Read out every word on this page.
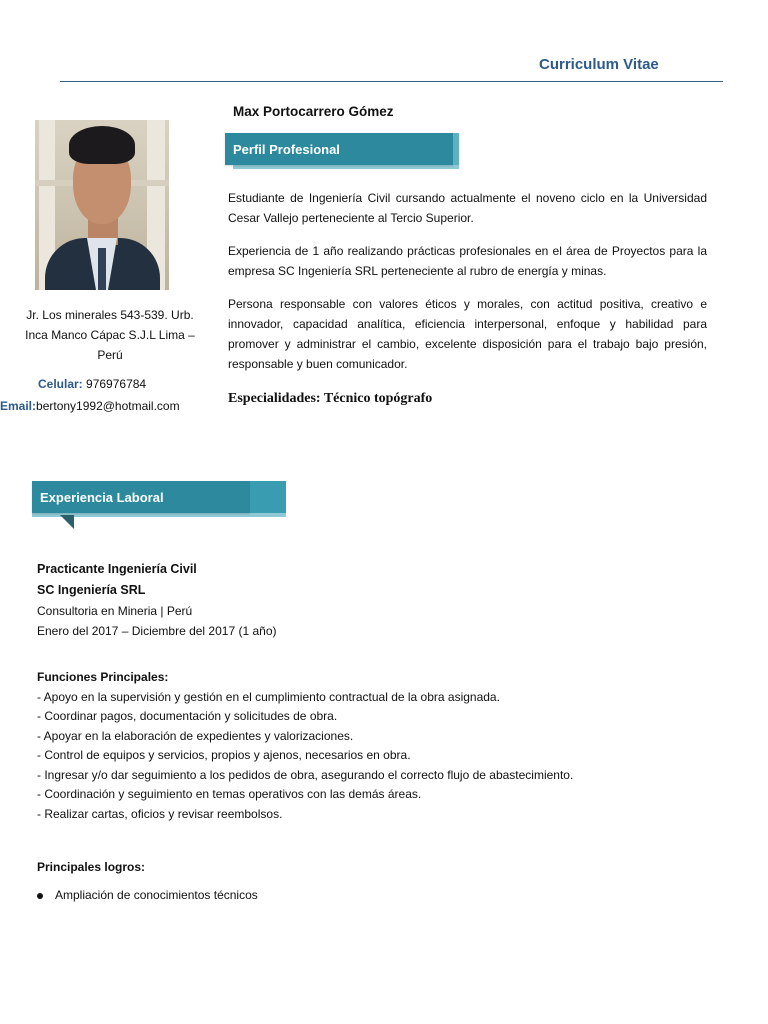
Curriculum Vitae
Max Portocarrero Gómez
Jr. Los minerales 543-539. Urb.
Inca Manco Cápac S.J.L Lima –
Perú
Celular: 976976784
Email:bertony1992@hotmail.com
Perfil Profesional
Estudiante de Ingeniería Civil cursando actualmente el noveno ciclo en la Universidad Cesar Vallejo perteneciente al Tercio Superior.
Experiencia de 1 año realizando prácticas profesionales en el área de Proyectos para la empresa SC Ingeniería SRL perteneciente al rubro de energía y minas.
Persona responsable con valores éticos y morales, con actitud positiva, creativo e innovador, capacidad analítica, eficiencia interpersonal, enfoque y habilidad para promover y administrar el cambio, excelente disposición para el trabajo bajo presión, responsable y buen comunicador.
Especialidades: Técnico topógrafo
Experiencia Laboral
Practicante Ingeniería Civil
SC Ingeniería SRL
Consultoria en Mineria | Perú
Enero del 2017 – Diciembre del 2017 (1 año)
Funciones Principales:
- Apoyo en la supervisión y gestión en el cumplimiento contractual de la obra asignada.
- Coordinar pagos, documentación y solicitudes de obra.
- Apoyar en la elaboración de expedientes y valorizaciones.
- Control de equipos y servicios, propios y ajenos, necesarios en obra.
- Ingresar y/o dar seguimiento a los pedidos de obra, asegurando el correcto flujo de abastecimiento.
- Coordinación y seguimiento en temas operativos con las demás áreas.
- Realizar cartas, oficios y revisar reembolsos.
Principales logros:
Ampliación de conocimientos técnicos
